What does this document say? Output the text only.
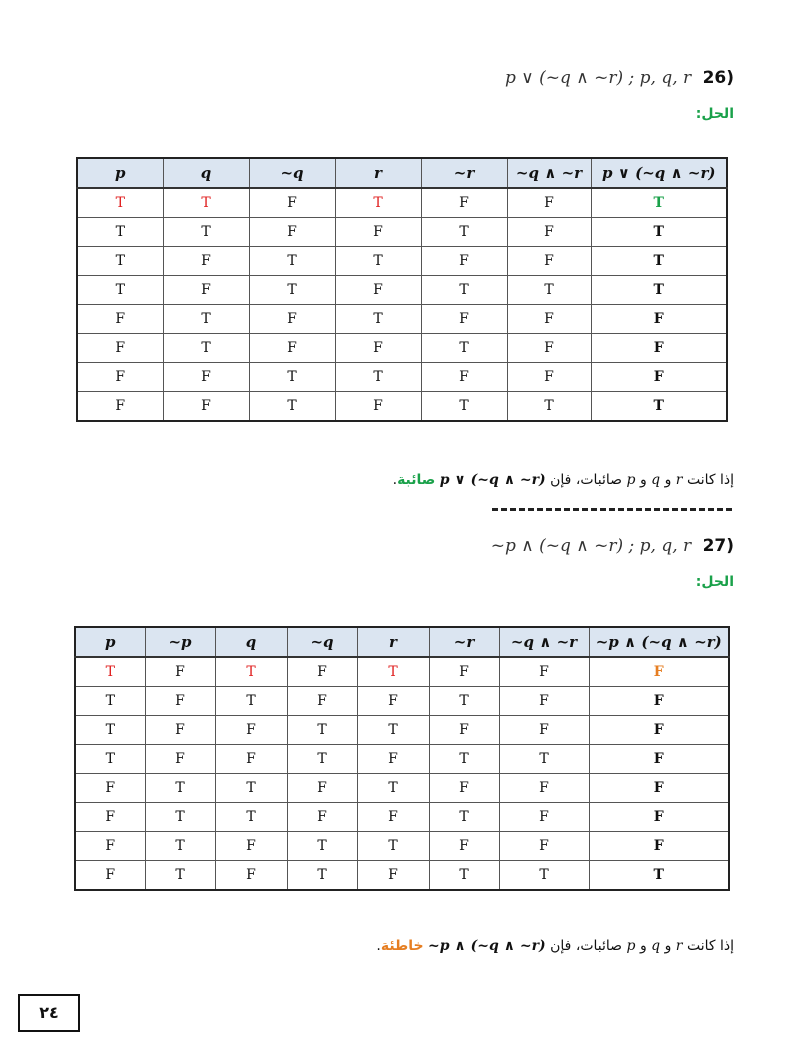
p ∨ (~q ∧ ~r) ; p, q, r 26)
الحل:
p	q	~q	r	~r	~q ∧ ~r	p ∨ (~q ∧ ~r)
T	T	F	T	F	F	T
T	T	F	F	T	F	T
T	F	T	T	F	F	T
T	F	T	F	T	T	T
F	T	F	T	F	F	F
F	T	F	F	T	F	F
F	F	T	T	F	F	F
F	F	T	F	T	T	T
إذا كانت r و q و p صائبات، فإن p ∨ (~q ∧ ~r) صائبة.
~p ∧ (~q ∧ ~r) ; p, q, r 27)
الحل:
p	~p	q	~q	r	~r	~q ∧ ~r	~p ∧ (~q ∧ ~r)
T	F	T	F	T	F	F	F
T	F	T	F	F	T	F	F
T	F	F	T	T	F	F	F
T	F	F	T	F	T	T	F
F	T	T	F	T	F	F	F
F	T	T	F	F	T	F	F
F	T	F	T	T	F	F	F
F	T	F	T	F	T	T	T
إذا كانت r و q و p صائبات، فإن ~p ∧ (~q ∧ ~r) خاطئة.
٢٤
